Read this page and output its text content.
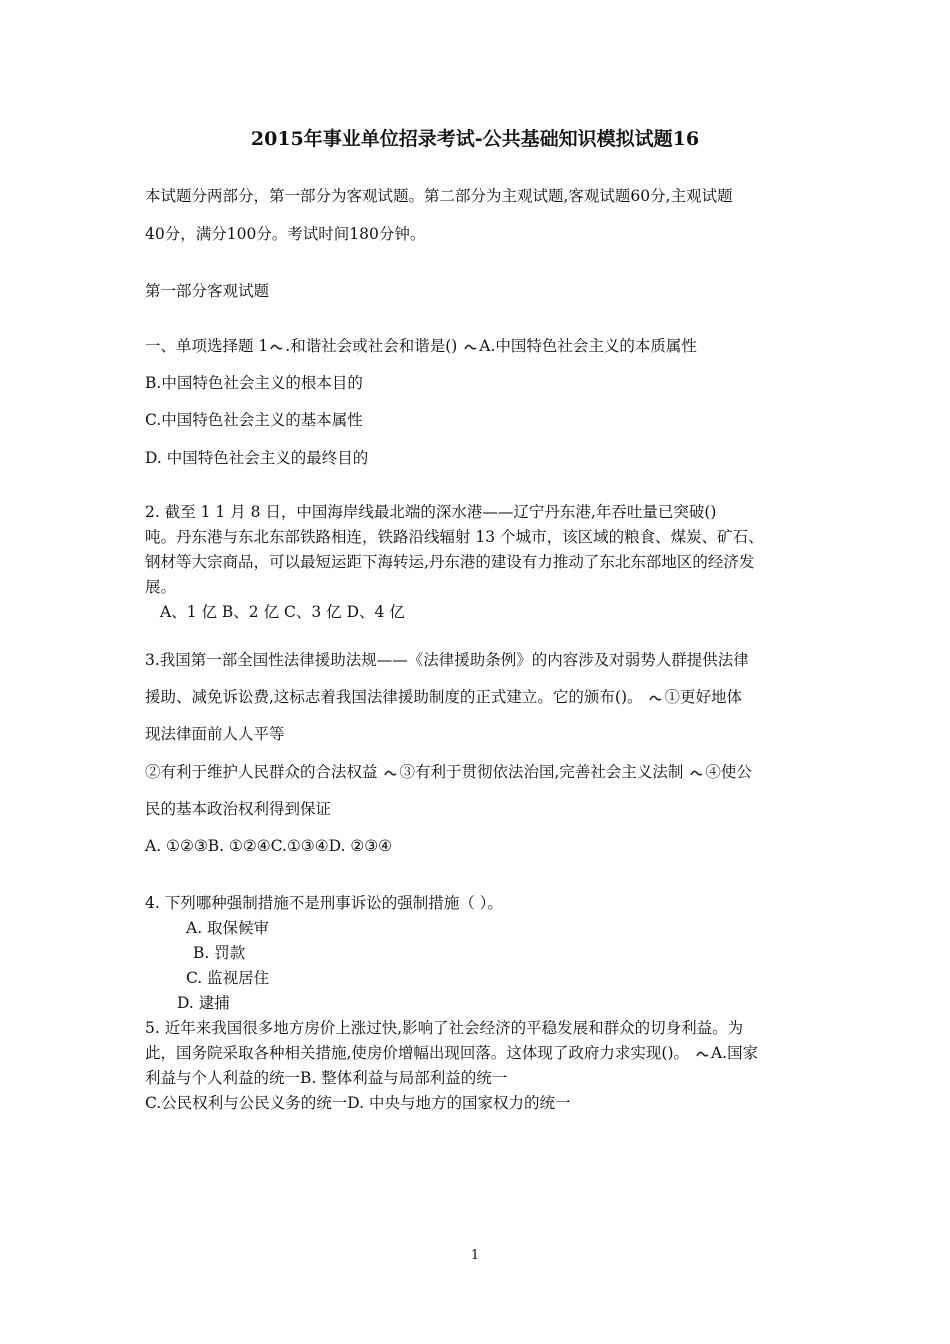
2015年事业单位招录考试-公共基础知识模拟试题16
本试题分两部分，第一部分为客观试题。第二部分为主观试题,客观试题60分,主观试题
40分，满分100分。考试时间180分钟。
第一部分客观试题
一、单项选择题 1 .和谐社会或社会和谐是() A.中国特色社会主义的本质属性
B.中国特色社会主义的根本目的
C.中国特色社会主义的基本属性
D. 中国特色社会主义的最终目的
2. 截至 1 1 月 8 日，中国海岸线最北端的深水港——辽宁丹东港,年吞吐量已突破()
吨。丹东港与东北东部铁路相连，铁路沿线辐射 13 个城市，该区域的粮食、煤炭、矿石、
钢材等大宗商品，可以最短运距下海转运,丹东港的建设有力推动了东北东部地区的经济发
展。
A、1 亿 B、2 亿 C、3 亿 D、4 亿
3.我国第一部全国性法律援助法规——《法律援助条例》的内容涉及对弱势人群提供法律
援助、减免诉讼费,这标志着我国法律援助制度的正式建立。它的颁布()。 ①更好地体
现法律面前人人平等
②有利于维护人民群众的合法权益 ③有利于贯彻依法治国,完善社会主义法制 ④使公
民的基本政治权利得到保证
A. ①②③B. ①②④C.①③④D. ②③④
4. 下列哪种强制措施不是刑事诉讼的强制措施（ ）。
A. 取保候审
B. 罚款
C. 监视居住
D. 逮捕
5. 近年来我国很多地方房价上涨过快,影响了社会经济的平稳发展和群众的切身利益。为
此，国务院采取各种相关措施,使房价增幅出现回落。这体现了政府力求实现()。 A.国家
利益与个人利益的统一B. 整体利益与局部利益的统一
C.公民权利与公民义务的统一D. 中央与地方的国家权力的统一
1
